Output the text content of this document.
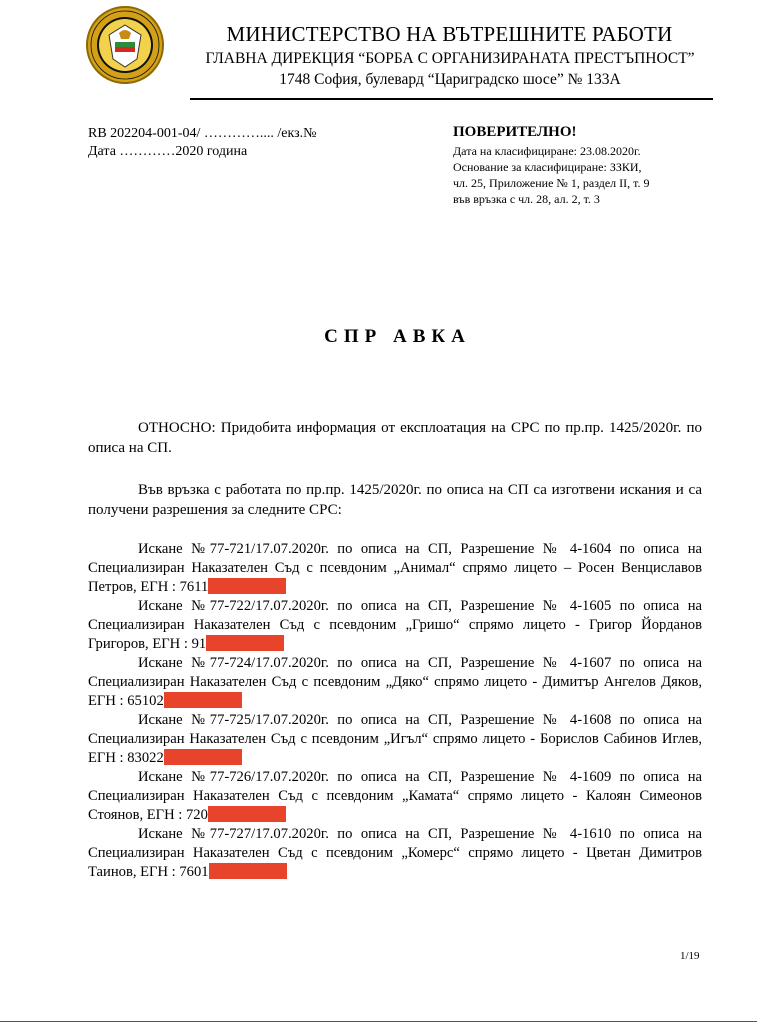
МИНИСТЕРСТВО НА ВЪТРЕШНИТЕ РАБОТИ
ГЛАВНА ДИРЕКЦИЯ “БОРБА С ОРГАНИЗИРАНАТА ПРЕСТЪПНОСТ”
1748 София, булевард “Цариградско шосе” № 133А
RB 202204-001-04/ ………….... /екз.№
Дата …………2020 година
ПОВЕРИТЕЛНО!
Дата на класифициране: 23.08.2020г.
Основание за класифициране: ЗЗКИ,
чл. 25, Приложение № 1, раздел II, т. 9
във връзка с чл. 28, ал. 2, т. 3
СПР АВКА
ОТНОСНО: Придобита информация от експлоатация на СРС по пр.пр. 1425/2020г. по описа на СП.
Във връзка с работата по пр.пр. 1425/2020г. по описа на СП са изготвени искания и са получени разрешения за следните СРС:

Искане №77-721/17.07.2020г. по описа на СП, Разрешение № 4-1604 по описа на Специализиран Наказателен Съд с псевдоним „Анимал“ спрямо лицето – Росен Венциславов Петров, ЕГН : 7611

Искане №77-722/17.07.2020г. по описа на СП, Разрешение № 4-1605 по описа на Специализиран Наказателен Съд с псевдоним „Гришо“ спрямо лицето - Григор Йорданов Григоров, ЕГН : 91

Искане №77-724/17.07.2020г. по описа на СП, Разрешение № 4-1607 по описа на Специализиран Наказателен Съд с псевдоним „Дяко“ спрямо лицето - Димитър Ангелов Дяков, ЕГН : 65102

Искане №77-725/17.07.2020г. по описа на СП, Разрешение № 4-1608 по описа на Специализиран Наказателен Съд с псевдоним „Игъл“ спрямо лицето - Борислов Сабинов Иглев, ЕГН : 83022

Искане №77-726/17.07.2020г. по описа на СП, Разрешение № 4-1609 по описа на Специализиран Наказателен Съд с псевдоним „Камата“ спрямо лицето - Калоян Симеонов Стоянов, ЕГН : 720

Искане №77-727/17.07.2020г. по описа на СП, Разрешение № 4-1610 по описа на Специализиран Наказателен Съд с псевдоним „Комерс“ спрямо лицето - Цветан Димитров Таинов, ЕГН : 7601

1/19
